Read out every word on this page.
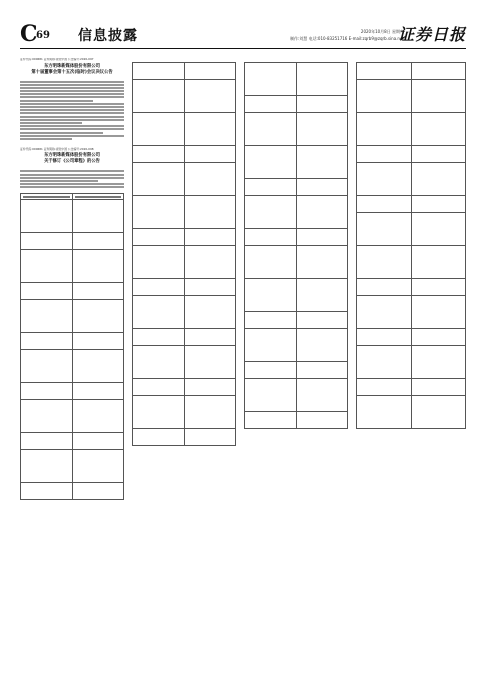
C
69 信息披露	2020年10月8日 星期六
制作:刘慧 电话:010-83251716 E-mail:zqrb9@zqrb.sina.net
证券日报
证券代码:000681 证券简称:视觉中国 公告编号:2020-097
东方明珠新媒体股份有限公司
第十届董事会第十五次(临时)会议决议公告
证券代码:000681 证券简称:视觉中国 公告编号:2020-098
东方明珠新媒体股份有限公司
关于修订《公司章程》的公告
